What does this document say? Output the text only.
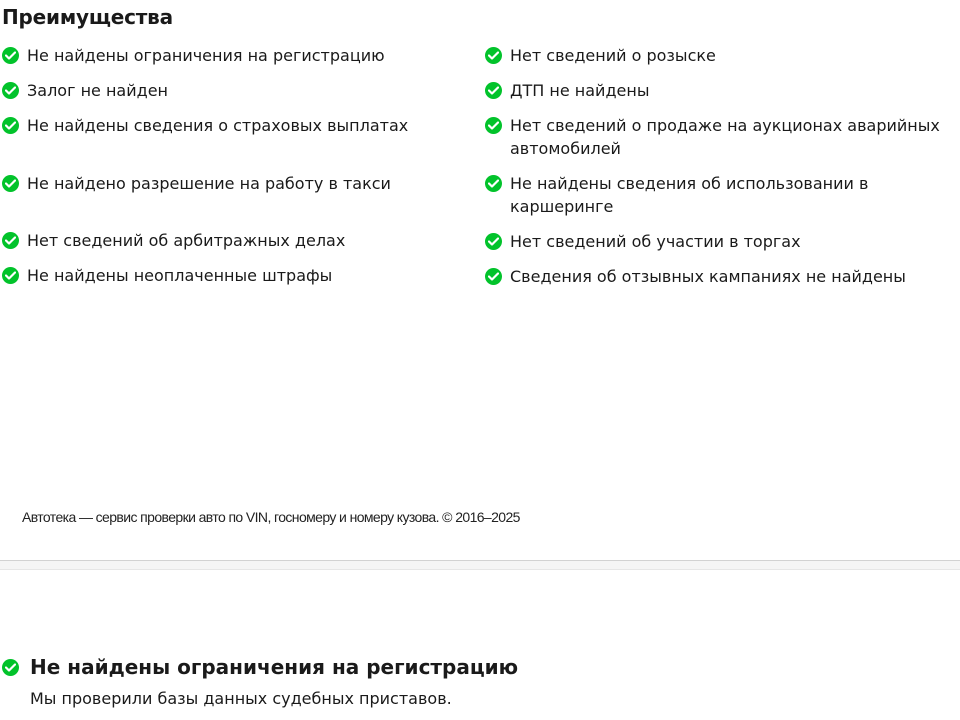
Преимущества
Не найдены ограничения на регистрацию
Залог не найден
Не найдены сведения о страховых выплатах
Не найдено разрешение на работу в такси
Нет сведений об арбитражных делах
Не найдены неоплаченные штрафы
Нет сведений о розыске
ДТП не найдены
Нет сведений о продаже на аукционах аварийных автомобилей
Не найдены сведения об использовании в каршеринге
Нет сведений об участии в торгах
Сведения об отзывных кампаниях не найдены

Автотека — сервис проверки авто по VIN, госномеру и номеру кузова. © 2016–2025

Не найдены ограничения на регистрацию

Мы проверили базы данных судебных приставов.
